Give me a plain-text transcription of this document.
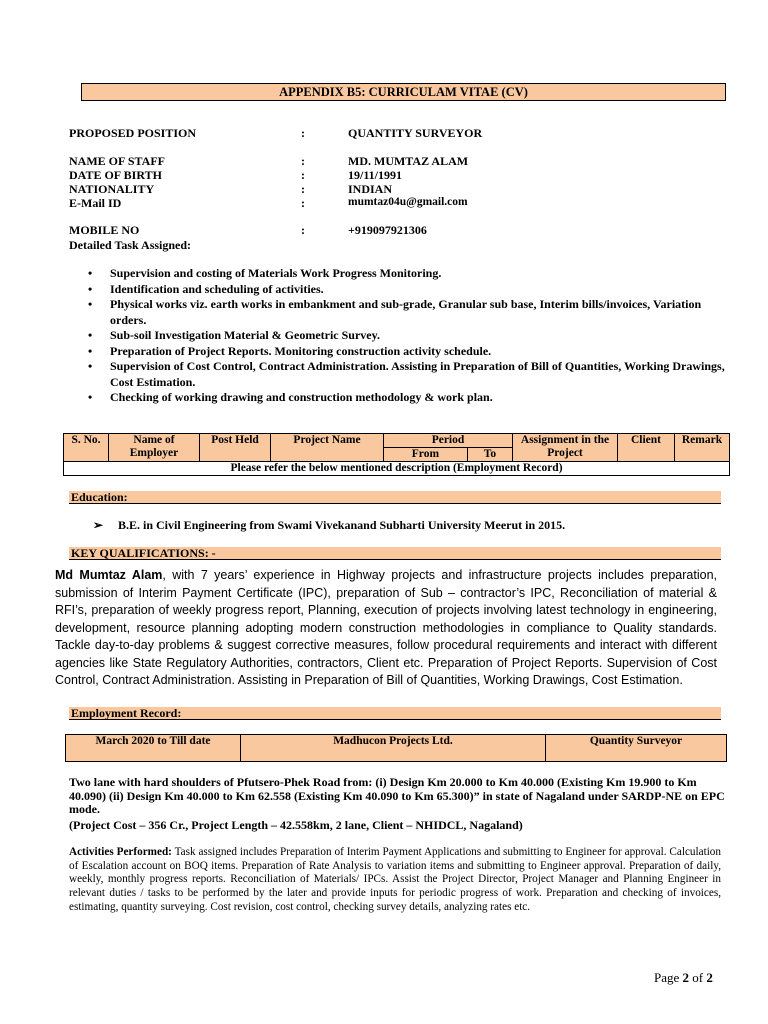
APPENDIX B5: CURRICULAM VITAE (CV)
PROPOSED POSITION	:	QUANTITY SURVEYOR
NAME OF STAFF	:	MD. MUMTAZ ALAM
DATE OF BIRTH	:	19/11/1991
NATIONALITY	:	INDIAN
E-Mail ID	:	mumtaz04u@gmail.com
MOBILE NO	:	+919097921306
Detailed Task Assigned:
• Supervision and costing of Materials Work Progress Monitoring.
• Identification and scheduling of activities.
• Physical works viz. earth works in embankment and sub-grade, Granular sub base, Interim bills/invoices, Variation orders.
• Sub-soil Investigation Material & Geometric Survey.
• Preparation of Project Reports. Monitoring construction activity schedule.
• Supervision of Cost Control, Contract Administration. Assisting in Preparation of Bill of Quantities, Working Drawings, Cost Estimation.
• Checking of working drawing and construction methodology & work plan.
S. No.	Name of Employer	Post Held	Project Name	Period		Assignment in the Project	Client	Remark
				From	To			
Please refer the below mentioned description (Employment Record)								
Education:
➢ B.E. in Civil Engineering from Swami Vivekanand Subharti University Meerut in 2015.
KEY QUALIFICATIONS: -
Md Mumtaz Alam, with 7 years’ experience in Highway projects and infrastructure projects includes preparation, submission of Interim Payment Certificate (IPC), preparation of Sub – contractor’s IPC, Reconciliation of material & RFI’s, preparation of weekly progress report, Planning, execution of projects involving latest technology in engineering, development, resource planning adopting modern construction methodologies in compliance to Quality standards. Tackle day-to-day problems & suggest corrective measures, follow procedural requirements and interact with different agencies like State Regulatory Authorities, contractors, Client etc. Preparation of Project Reports. Supervision of Cost Control, Contract Administration. Assisting in Preparation of Bill of Quantities, Working Drawings, Cost Estimation.
Employment Record:
March 2020 to Till date	Madhucon Projects Ltd.	Quantity Surveyor
Two lane with hard shoulders of Pfutsero-Phek Road from: (i) Design Km 20.000 to Km 40.000 (Existing Km 19.900 to Km 40.090) (ii) Design Km 40.000 to Km 62.558 (Existing Km 40.090 to Km 65.300)” in state of Nagaland under SARDP-NE on EPC mode.
(Project Cost – 356 Cr., Project Length – 42.558km, 2 lane, Client – NHIDCL, Nagaland)
Activities Performed: Task assigned includes Preparation of Interim Payment Applications and submitting to Engineer for approval. Calculation of Escalation account on BOQ items. Preparation of Rate Analysis to variation items and submitting to Engineer approval. Preparation of daily, weekly, monthly progress reports. Reconciliation of Materials/ IPCs. Assist the Project Director, Project Manager and Planning Engineer in relevant duties / tasks to be performed by the later and provide inputs for periodic progress of work. Preparation and checking of invoices, estimating, quantity surveying. Cost revision, cost control, checking survey details, analyzing rates etc.
Page 2 of 2
